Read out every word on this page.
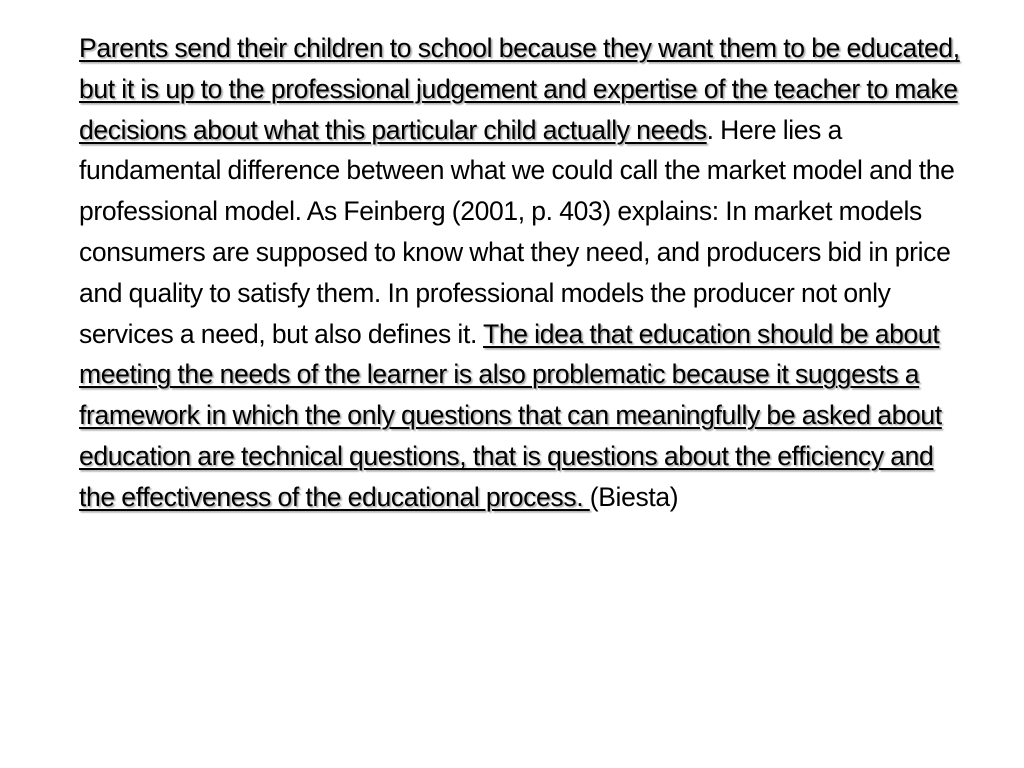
Parents send their children to school because they want them to be educated, but it is up to the professional judgement and expertise of the teacher to make decisions about what this particular child actually needs. Here lies a fundamental difference between what we could call the market model and the professional model. As Feinberg (2001, p. 403) explains: In market models consumers are supposed to know what they need, and producers bid in price and quality to satisfy them. In professional models the producer not only services a need, but also defines it. The idea that education should be about meeting the needs of the learner is also problematic because it suggests a framework in which the only questions that can meaningfully be asked about education are technical questions, that is questions about the efficiency and the effectiveness of the educational process. (Biesta)
